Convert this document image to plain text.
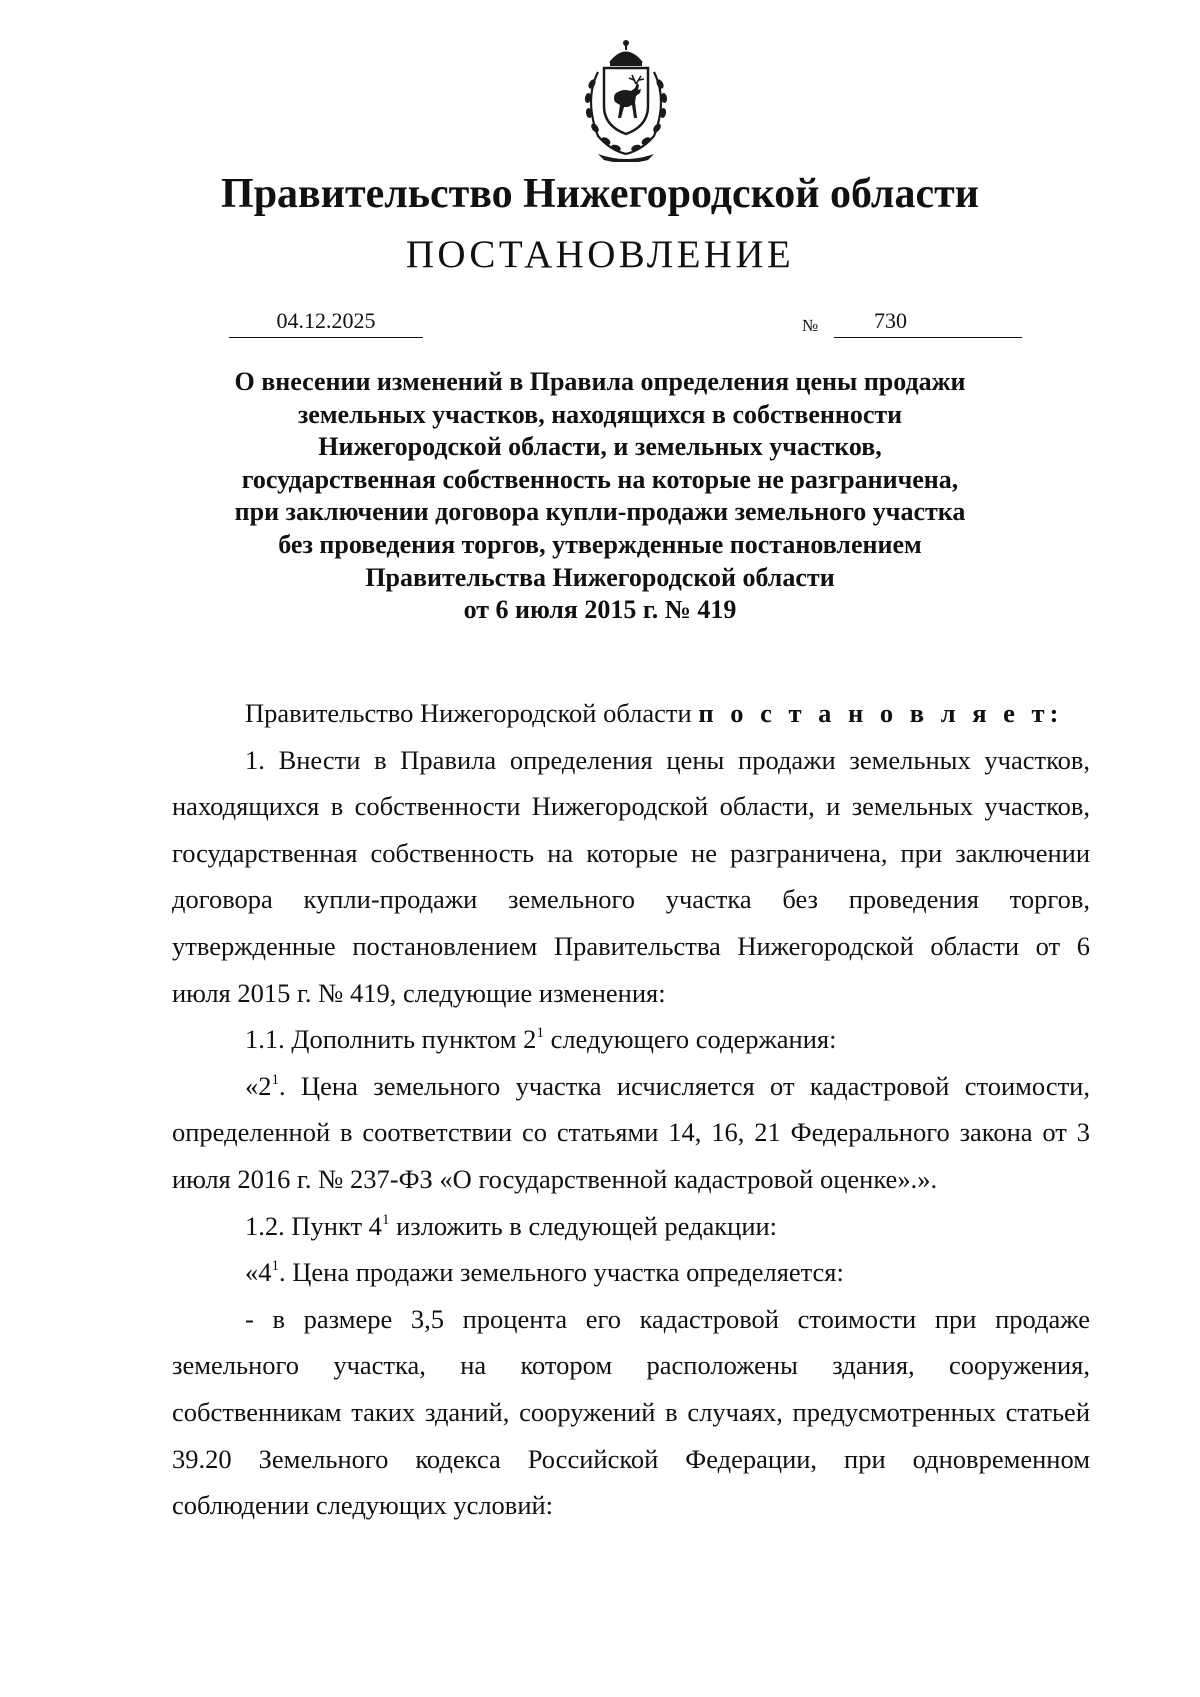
Правительство Нижегородской области
ПОСТАНОВЛЕНИЕ
04.12.2025	№	730
О внесении изменений в Правила определения цены продажи
земельных участков, находящихся в собственности
Нижегородской области, и земельных участков,
государственная собственность на которые не разграничена,
при заключении договора купли-продажи земельного участка
без проведения торгов, утвержденные постановлением
Правительства Нижегородской области
от 6 июля 2015 г. № 419

Правительство Нижегородской области п о с т а н о в л я е т:

1. Внести в Правила определения цены продажи земельных участков, находящихся в собственности Нижегородской области, и земельных участков, государственная собственность на которые не разграничена, при заключении договора купли-продажи земельного участка без проведения торгов, утвержденные постановлением Правительства Нижегородской области от 6 июля 2015 г. № 419, следующие изменения:

1.1. Дополнить пунктом $2^1$ следующего содержания:

«$2^1$. Цена земельного участка исчисляется от кадастровой стоимости, определенной в соответствии со статьями 14, 16, 21 Федерального закона от 3 июля 2016 г. № 237-ФЗ «О государственной кадастровой оценке».».

1.2. Пункт $4^1$ изложить в следующей редакции:

«$4^1$. Цена продажи земельного участка определяется:

- в размере 3,5 процента его кадастровой стоимости при продаже земельного участка, на котором расположены здания, сооружения, собственникам таких зданий, сооружений в случаях, предусмотренных статьей 39.20 Земельного кодекса Российской Федерации, при одновременном соблюдении следующих условий:
